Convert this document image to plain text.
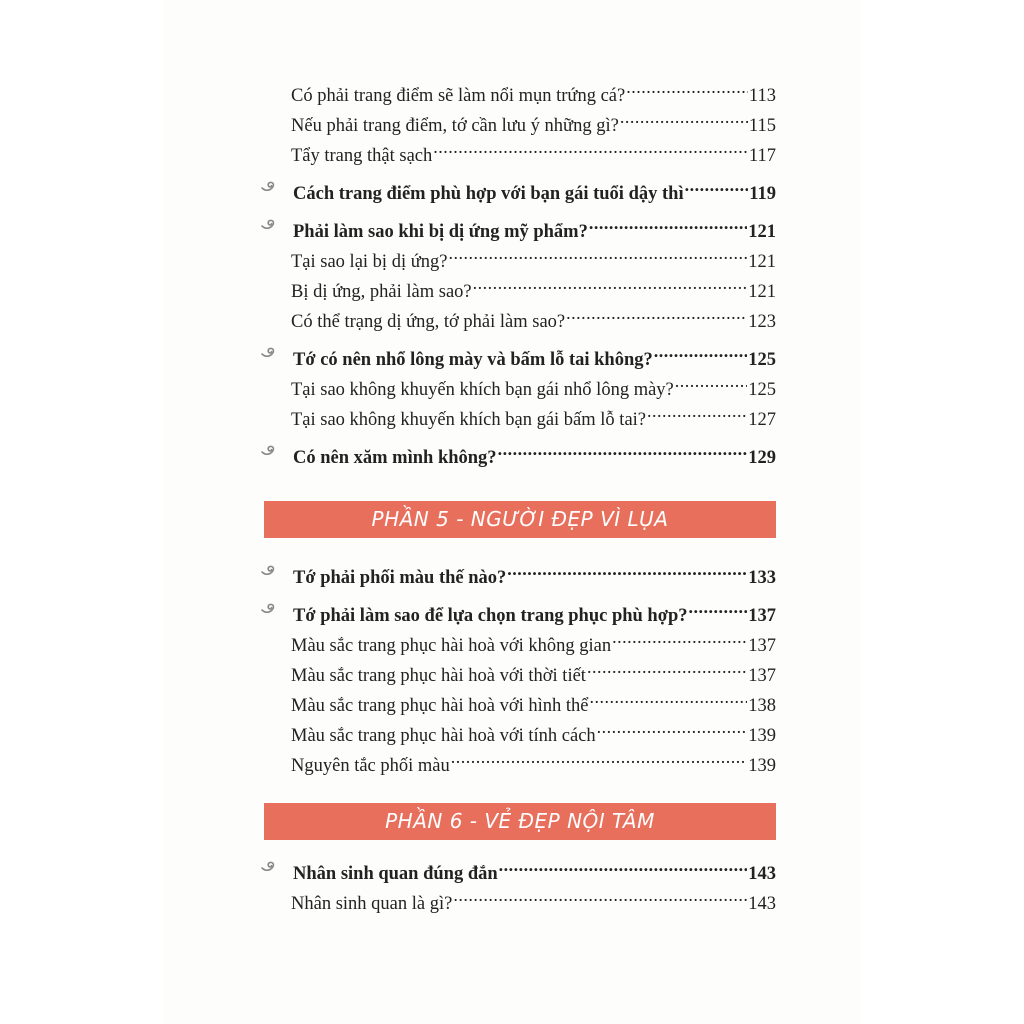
PHẦN 5 - NGƯỜI ĐẸP VÌ LỤA
PHẦN 6 - VẺ ĐẸP NỘI TÂM
Có phải trang điểm sẽ làm nổi mụn trứng cá? .....	113
Nếu phải trang điểm, tớ cần lưu ý những gì? .....	115
Tẩy trang thật sạch .....	117
Cách trang điểm phù hợp với bạn gái tuổi dậy thì .....	119
Phải làm sao khi bị dị ứng mỹ phẩm? .....	121
Tại sao lại bị dị ứng? .....	121
Bị dị ứng, phải làm sao? .....	121
Có thể trạng dị ứng, tớ phải làm sao? .....	123
Tớ có nên nhổ lông mày và bấm lỗ tai không? .....	125
Tại sao không khuyến khích bạn gái nhổ lông mày? .....	125
Tại sao không khuyến khích bạn gái bấm lỗ tai? .....	127
Có nên xăm mình không? .....	129
Tớ phải phối màu thế nào? .....	133
Tớ phải làm sao để lựa chọn trang phục phù hợp? .....	137
Màu sắc trang phục hài hoà với không gian .....	137
Màu sắc trang phục hài hoà với thời tiết .....	137
Màu sắc trang phục hài hoà với hình thể .....	138
Màu sắc trang phục hài hoà với tính cách .....	139
Nguyên tắc phối màu .....	139
Nhân sinh quan đúng đắn .....	143
Nhân sinh quan là gì? .....	143
